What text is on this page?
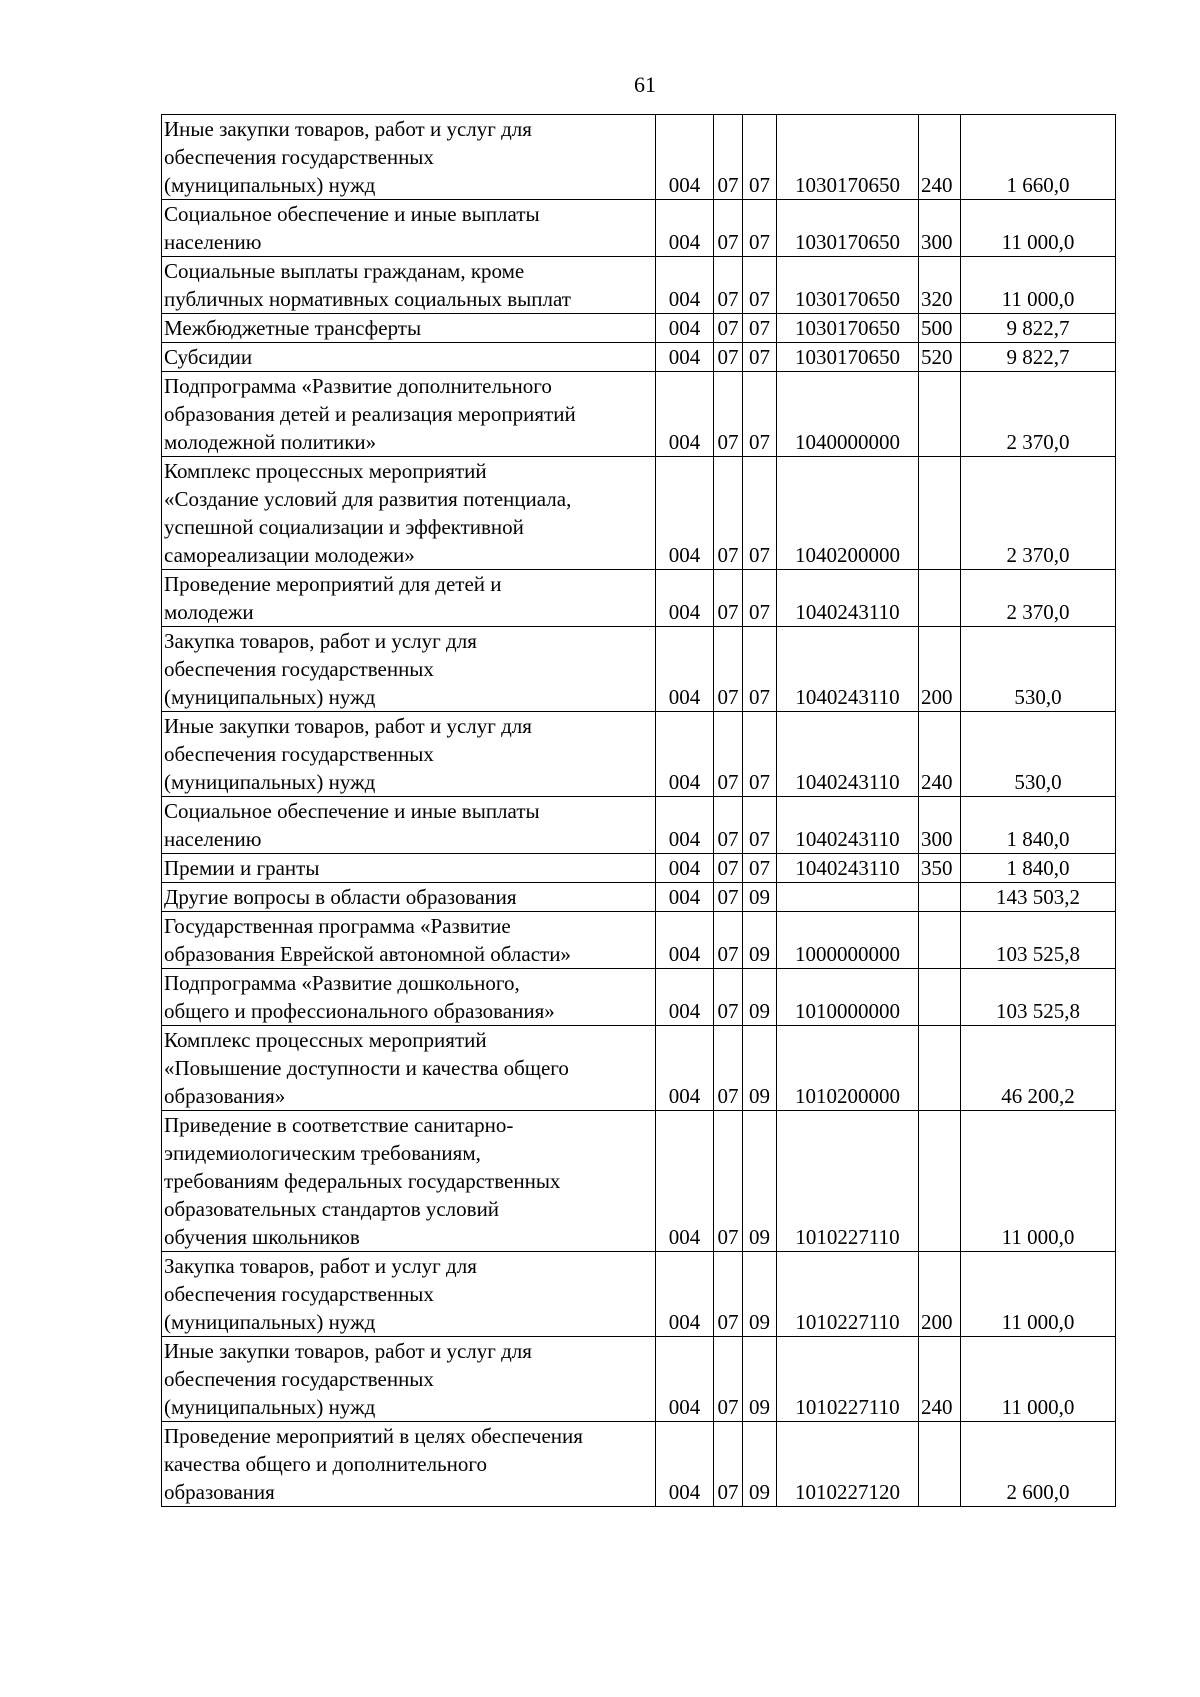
61
Иные закупки товаров, работ и услуг для
обеспечения государственных
(муниципальных) нужд	004	07	07	1030170650	240	1 660,0
Социальное обеспечение и иные выплаты
населению	004	07	07	1030170650	300	11 000,0
Социальные выплаты гражданам, кроме
публичных нормативных социальных выплат	004	07	07	1030170650	320	11 000,0
Межбюджетные трансферты	004	07	07	1030170650	500	9 822,7
Субсидии	004	07	07	1030170650	520	9 822,7
Подпрограмма «Развитие дополнительного
образования детей и реализация мероприятий
молодежной политики»	004	07	07	1040000000		2 370,0
Комплекс процессных мероприятий
«Создание условий для развития потенциала,
успешной социализации и эффективной
самореализации молодежи»	004	07	07	1040200000		2 370,0
Проведение мероприятий для детей и
молодежи	004	07	07	1040243110		2 370,0
Закупка товаров, работ и услуг для
обеспечения государственных
(муниципальных) нужд	004	07	07	1040243110	200	530,0
Иные закупки товаров, работ и услуг для
обеспечения государственных
(муниципальных) нужд	004	07	07	1040243110	240	530,0
Социальное обеспечение и иные выплаты
населению	004	07	07	1040243110	300	1 840,0
Премии и гранты	004	07	07	1040243110	350	1 840,0
Другие вопросы в области образования	004	07	09			143 503,2
Государственная программа «Развитие
образования Еврейской автономной области»	004	07	09	1000000000		103 525,8
Подпрограмма «Развитие дошкольного,
общего и профессионального образования»	004	07	09	1010000000		103 525,8
Комплекс процессных мероприятий
«Повышение доступности и качества общего
образования»	004	07	09	1010200000		46 200,2
Приведение в соответствие санитарно-
эпидемиологическим требованиям,
требованиям федеральных государственных
образовательных стандартов условий
обучения школьников	004	07	09	1010227110		11 000,0
Закупка товаров, работ и услуг для
обеспечения государственных
(муниципальных) нужд	004	07	09	1010227110	200	11 000,0
Иные закупки товаров, работ и услуг для
обеспечения государственных
(муниципальных) нужд	004	07	09	1010227110	240	11 000,0
Проведение мероприятий в целях обеспечения
качества общего и дополнительного
образования	004	07	09	1010227120		2 600,0
